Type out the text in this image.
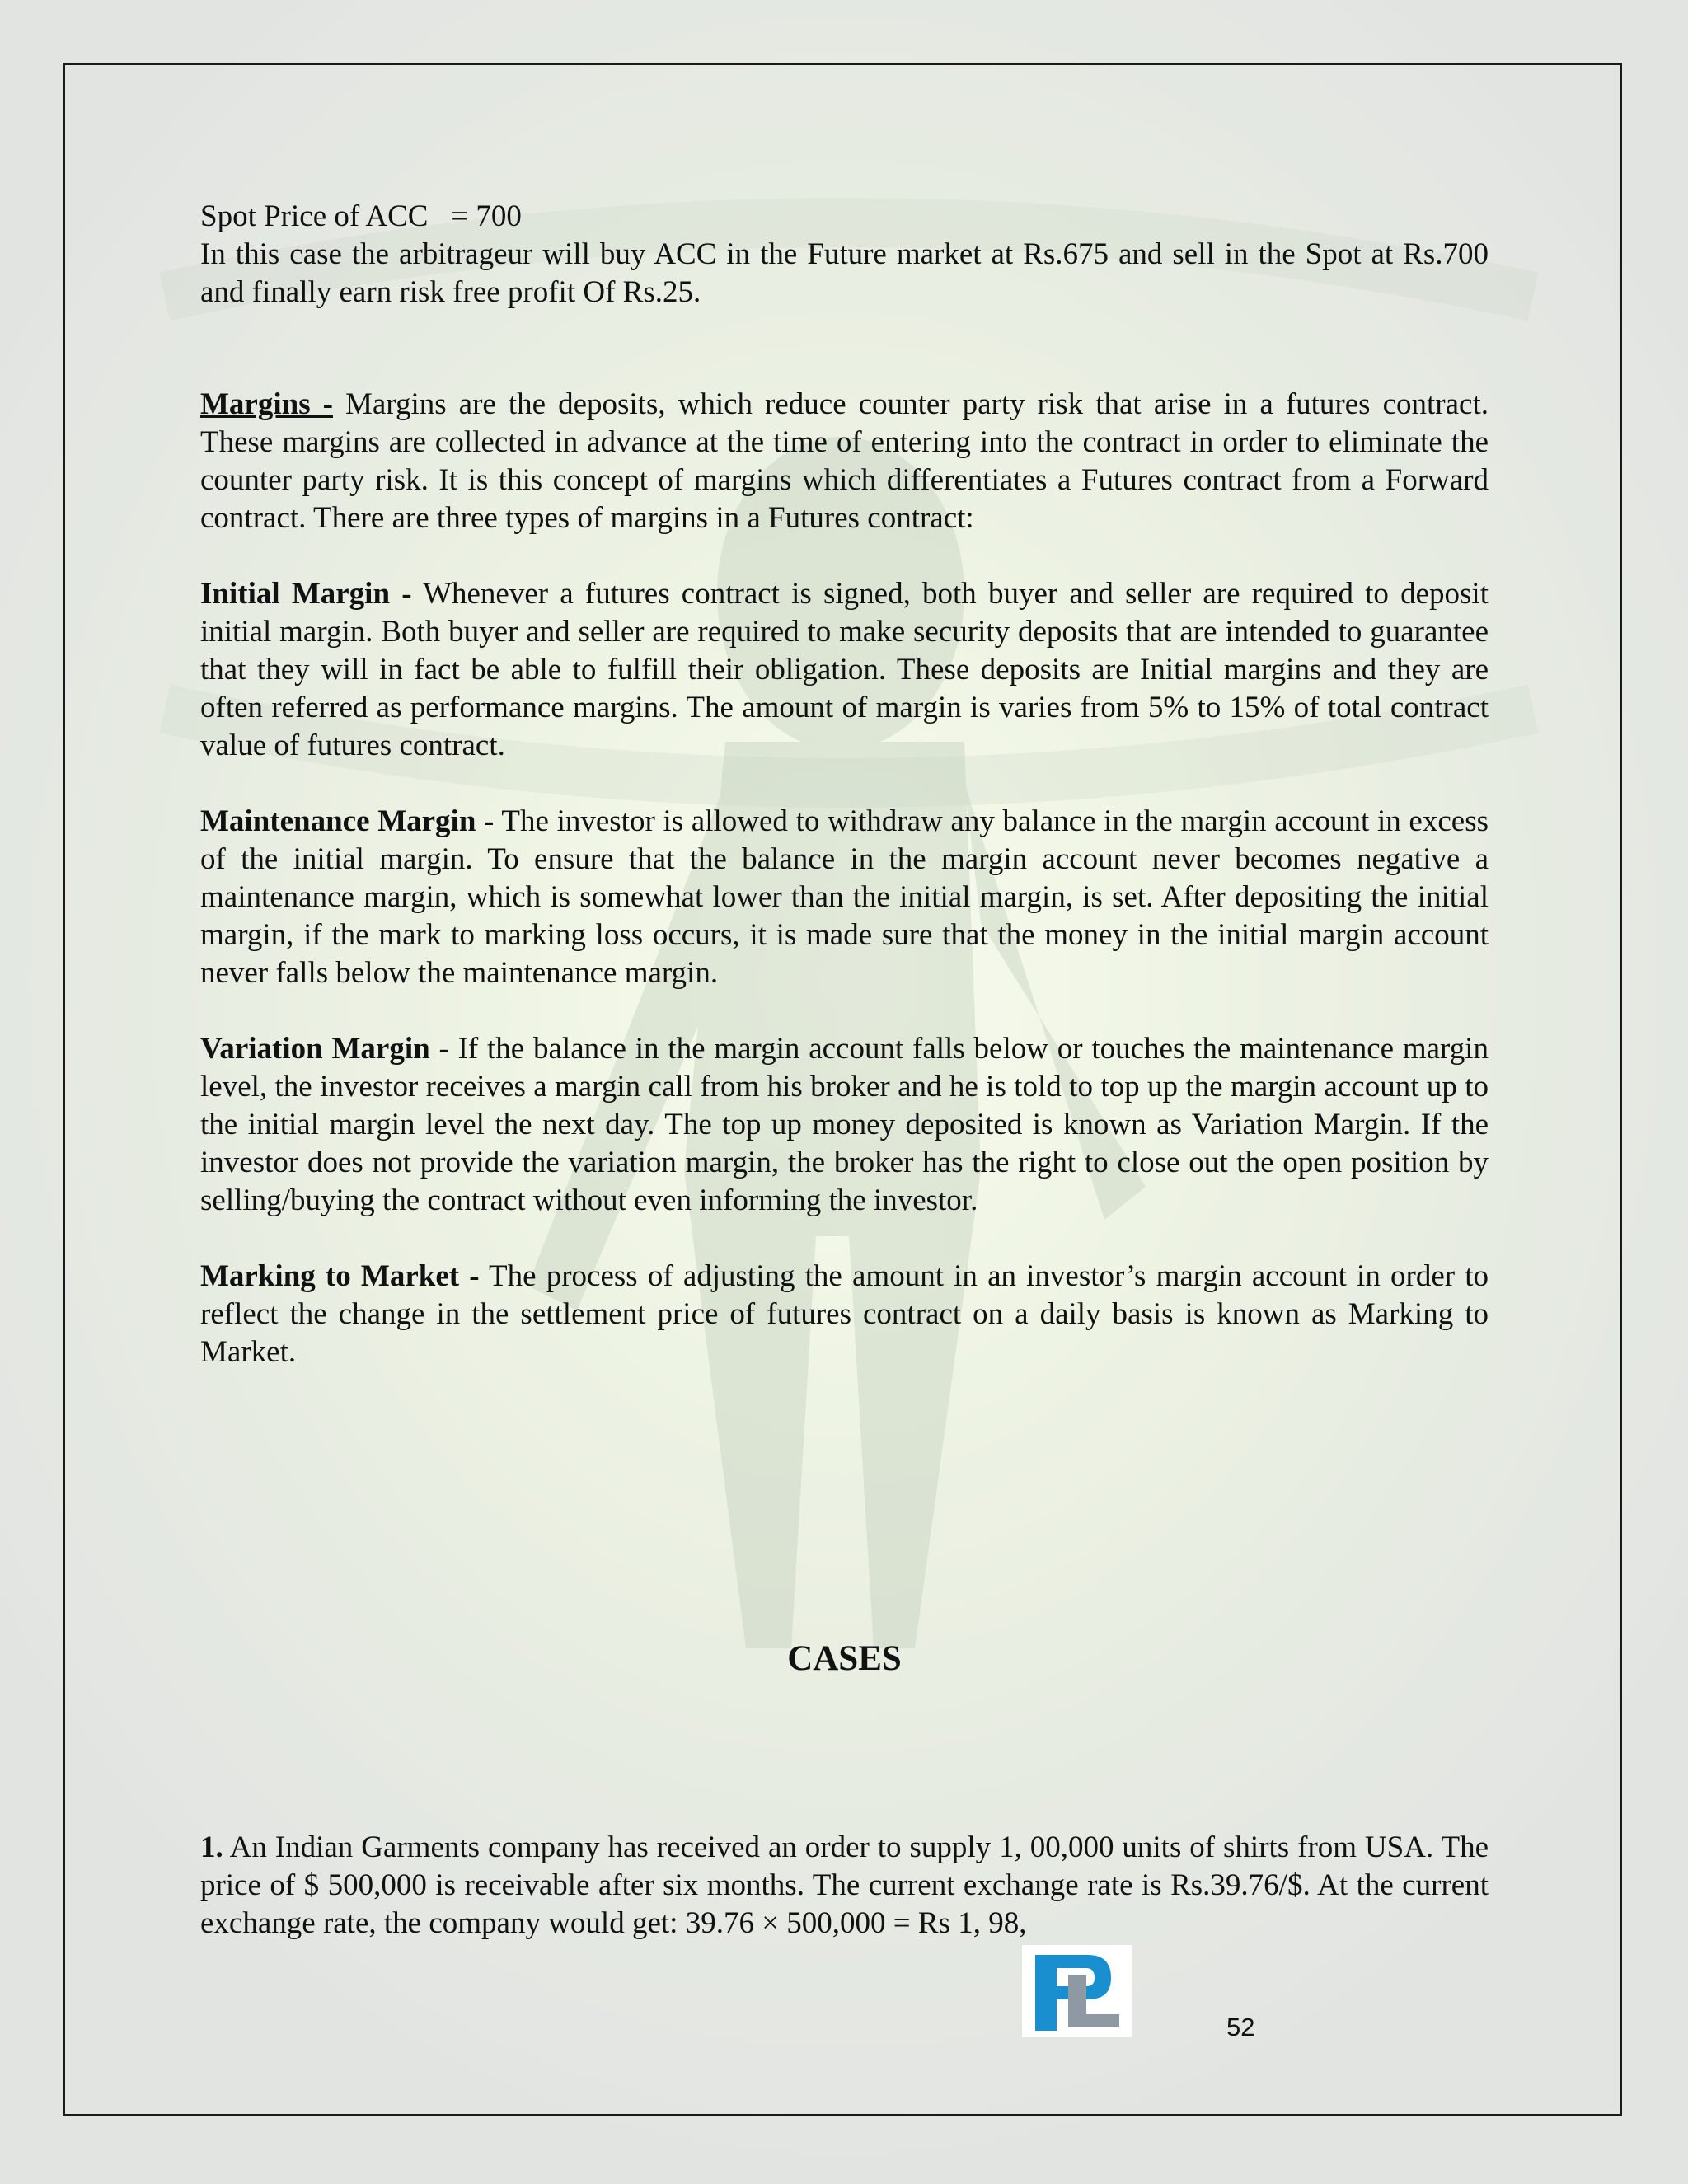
Spot Price of ACC   = 700

In this case the arbitrageur will buy ACC in the Future market at Rs.675 and sell in the Spot at Rs.700 and finally earn risk free profit Of Rs.25.

Margins - Margins are the deposits, which reduce counter party risk that arise in a futures contract. These margins are collected in advance at the time of entering into the contract in order to eliminate the counter party risk. It is this concept of margins which differentiates a Futures contract from a Forward contract. There are three types of margins in a Futures contract:

Initial Margin - Whenever a futures contract is signed, both buyer and seller are required to deposit initial margin. Both buyer and seller are required to make security deposits that are intended to guarantee that they will in fact be able to fulfill their obligation. These deposits are Initial margins and they are often referred as performance margins. The amount of margin is varies from 5% to 15% of total contract value of futures contract.

Maintenance Margin - The investor is allowed to withdraw any balance in the margin account in excess of the initial margin. To ensure that the balance in the margin account never becomes negative a maintenance margin, which is somewhat lower than the initial margin, is set. After depositing the initial margin, if the mark to marking loss occurs, it is made sure that the money in the initial margin account never falls below the maintenance margin.

Variation Margin - If the balance in the margin account falls below or touches the maintenance margin level, the investor receives a margin call from his broker and he is told to top up the margin account up to the initial margin level the next day. The top up money deposited is known as Variation Margin. If the investor does not provide the variation margin, the broker has the right to close out the open position by selling/buying the contract without even informing the investor.

Marking to Market - The process of adjusting the amount in an investor’s margin account in order to reflect the change in the settlement price of futures contract on a daily basis is known as Marking to Market.

CASES

1. An Indian Garments company has received an order to supply 1, 00,000 units of shirts from USA. The price of $ 500,000 is receivable after six months. The current exchange rate is Rs.39.76/$. At the current exchange rate, the company would get: 39.76 × 500,000 = Rs 1, 98,

52
